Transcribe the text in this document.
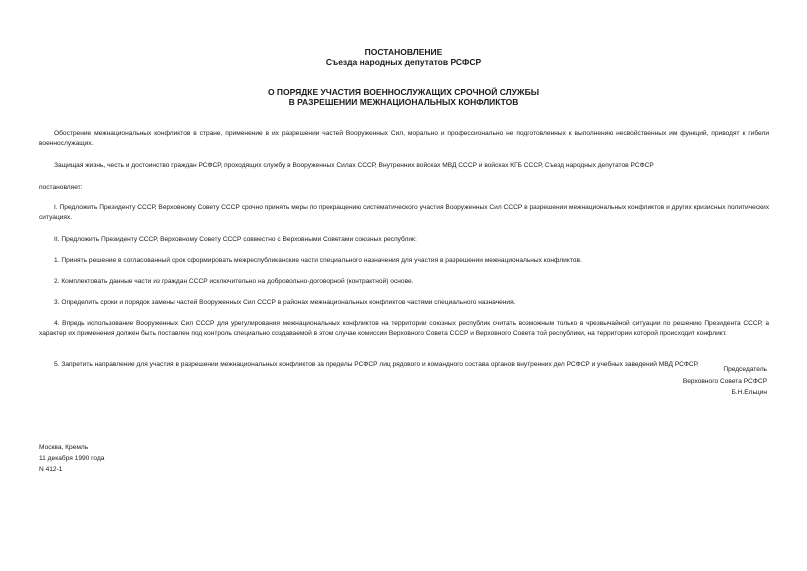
ПОСТАНОВЛЕНИЕ
Съезда народных депутатов РСФСР
О ПОРЯДКЕ УЧАСТИЯ ВОЕННОСЛУЖАЩИХ СРОЧНОЙ СЛУЖБЫ
В РАЗРЕШЕНИИ МЕЖНАЦИОНАЛЬНЫХ КОНФЛИКТОВ
Обострение межнациональных конфликтов в стране, применение в их разрешении частей Вооруженных Сил, морально и профессионально не подготовленных к выполнению несвойственных им функций, приводят к гибели военнослужащих.
Защищая жизнь, честь и достоинство граждан РСФСР, проходящих службу в Вооруженных Силах СССР, Внутренних войсках МВД СССР и войсках КГБ СССР, Съезд народных депутатов РСФСР
постановляет:
I. Предложить Президенту СССР, Верховному Совету СССР срочно принять меры по прекращению систематического участия Вооруженных Сил СССР в разрешении межнациональных конфликтов и других кризисных политических ситуациях.
II. Предложить Президенту СССР, Верховному Совету СССР совместно с Верховными Советами союзных республик:
1. Принять решение в согласованный срок сформировать межреспубликанские части специального назначения для участия в разрешении межнациональных конфликтов.
2. Комплектовать данные части из граждан СССР исключительно на добровольно-договорной (контрактной) основе.
3. Определить сроки и порядок замены частей Вооруженных Сил СССР в районах межнациональных конфликтов частями специального назначения.
4. Впредь использование Вооруженных Сил СССР для урегулирования межнациональных конфликтов на территории союзных республик считать возможным только в чрезвычайной ситуации по решению Президента СССР, а характер их применения должен быть поставлен под контроль специально создаваемой в этом случае комиссии Верховного Совета СССР и Верховного Совета той республики, на территории которой происходит конфликт.
5. Запретить направление для участия в разрешении межнациональных конфликтов за пределы РСФСР лиц рядового и командного состава органов внутренних дел РСФСР и учебных заведений МВД РСФСР.
Председатель
Верховного Совета РСФСР
Б.Н.Ельцин
Москва, Кремль
11 декабря 1990 года
N 412-1
